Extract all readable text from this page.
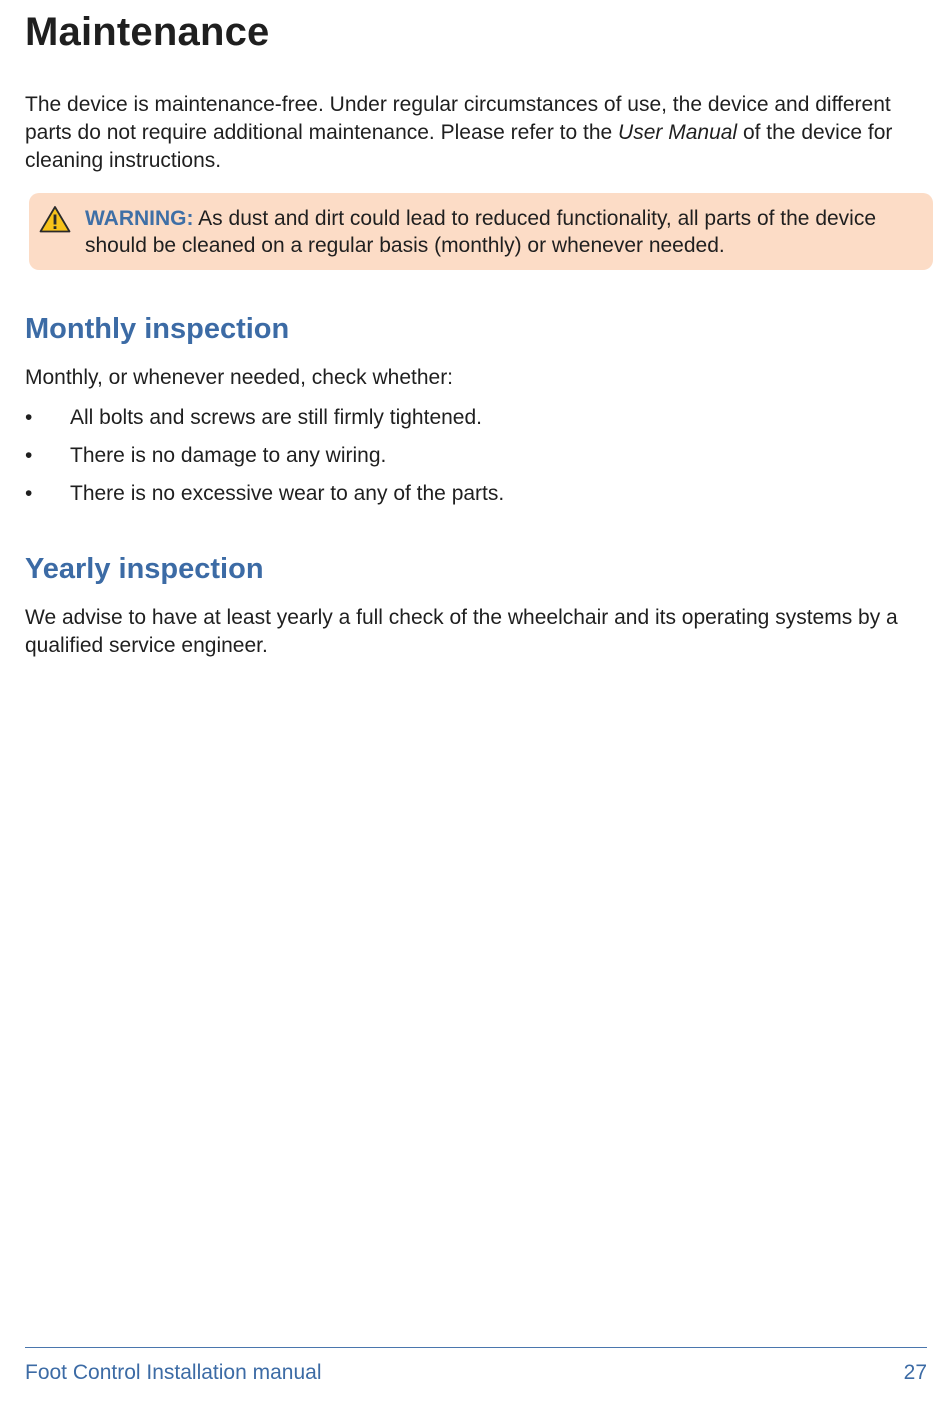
Maintenance

The device is maintenance-free. Under regular circumstances of use, the device and different parts do not require additional maintenance. Please refer to the User Manual of the device for cleaning instructions.

WARNING: As dust and dirt could lead to reduced functionality, all parts of the device should be cleaned on a regular basis (monthly) or whenever needed.

Monthly inspection

Monthly, or whenever needed, check whether:

• All bolts and screws are still firmly tightened.
• There is no damage to any wiring.
• There is no excessive wear to any of the parts.
Yearly inspection

We advise to have at least yearly a full check of the wheelchair and its operating systems by a qualified service engineer.

Foot Control Installation manual	27
